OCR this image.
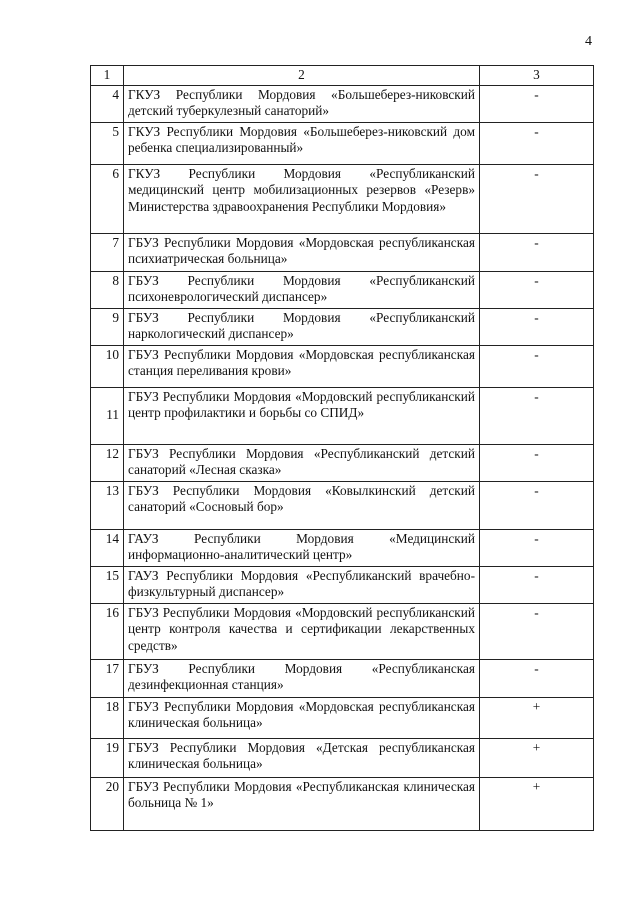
4
1	2	3
4	ГКУЗ Республики Мордовия «Большеберез-никовский детский туберкулезный санаторий»	-
5	ГКУЗ Республики Мордовия «Большеберез-никовский дом ребенка специализированный»	-
6	ГКУЗ Республики Мордовия «Республиканский медицинский центр мобилизационных резервов «Резерв» Министерства здравоохранения Республики Мордовия»	-
7	ГБУЗ Республики Мордовия «Мордовская республиканская психиатрическая больница»	-
8	ГБУЗ Республики Мордовия «Республиканский психоневрологический диспансер»	-
9	ГБУЗ Республики Мордовия «Республиканский наркологический диспансер»	-
10	ГБУЗ Республики Мордовия «Мордовская республиканская станция переливания крови»	-
11	ГБУЗ Республики Мордовия «Мордовский республиканский центр профилактики и борьбы со СПИД»	-
12	ГБУЗ Республики Мордовия «Республиканский детский санаторий «Лесная сказка»	-
13	ГБУЗ Республики Мордовия «Ковылкинский детский санаторий «Сосновый бор»	-
14	ГАУЗ Республики Мордовия «Медицинский информационно-аналитический центр»	-
15	ГАУЗ Республики Мордовия «Республиканский врачебно-физкультурный диспансер»	-
16	ГБУЗ Республики Мордовия «Мордовский республиканский центр контроля качества и сертификации лекарственных средств»	-
17	ГБУЗ Республики Мордовия «Республиканская дезинфекционная станция»	-
18	ГБУЗ Республики Мордовия «Мордовская республиканская клиническая больница»	+
19	ГБУЗ Республики Мордовия «Детская республиканская клиническая больница»	+
20	ГБУЗ Республики Мордовия «Республиканская клиническая больница № 1»	+
